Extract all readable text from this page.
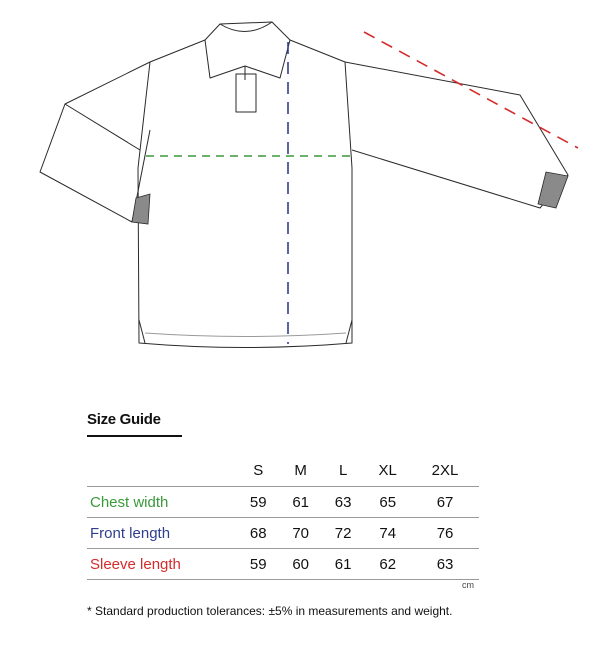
Size Guide
	S	M	L	XL	2XL
Chest width	59	61	63	65	67
Front length	68	70	72	74	76
Sleeve length	59	60	61	62	63
cm
* Standard production tolerances: ±5% in measurements and weight.
